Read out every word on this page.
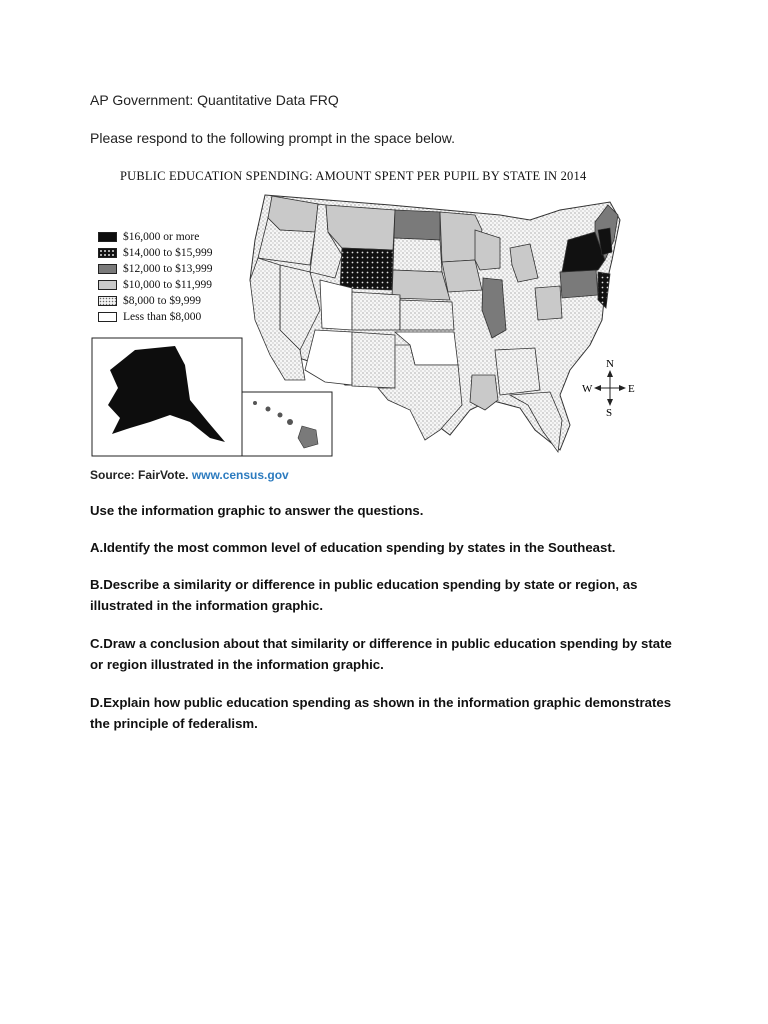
AP Government: Quantitative Data FRQ
Please respond to the following prompt in the space below.
N
S
W	E
PUBLIC EDUCATION SPENDING: AMOUNT SPENT PER PUPIL BY STATE IN 2014
$16,000 or more
$14,000 to $15,999
$12,000 to $13,999
$10,000 to $11,999
$8,000 to $9,999
Less than $8,000
Source: FairVote. www.census.gov
Use the information graphic to answer the questions.
A.Identify the most common level of education spending by states in the Southeast.
B.Describe a similarity or difference in public education spending by state or region, as illustrated in the information graphic.
C.Draw a conclusion about that similarity or difference in public education spending by state or region illustrated in the information graphic.
D.Explain how public education spending as shown in the information graphic demonstrates the principle of federalism.
